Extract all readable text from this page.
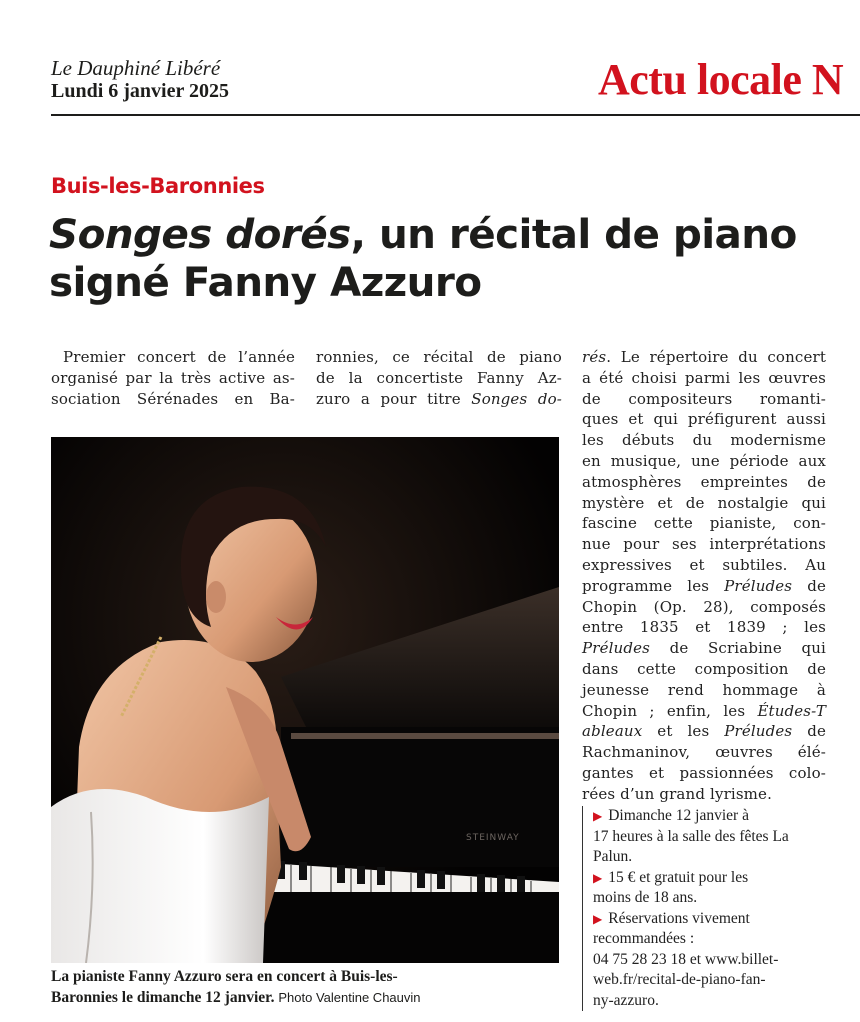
Le Dauphiné Libéré
Lundi 6 janvier 2025	Actu locale N
Buis-les-Baronnies
Songes dorés, un récital de piano signé Fanny Azzuro
Premier concert de l’année
organisé par la très active as-
sociation Sérénades en Ba-
ronnies, ce récital de piano
de la concertiste Fanny Az-
zuro a pour titre Songes do-
rés. Le répertoire du concert
a été choisi parmi les œuvres
de compositeurs romanti-
ques et qui préfigurent aussi
les débuts du modernisme
en musique, une période aux
atmosphères empreintes de
mystère et de nostalgie qui
fascine cette pianiste, con-
nue pour ses interprétations
expressives et subtiles. Au
programme les Préludes de
Chopin (Op. 28), composés
entre 1835 et 1839 ; les
Préludes de Scriabine qui
dans cette composition de
jeunesse rend hommage à
Chopin ; enfin, les Études-T
ableaux et les Préludes de
Rachmaninov, œuvres élé-
gantes et passionnées colo-
rées d’un grand lyrisme.
▶ Dimanche 12 janvier à
17 heures à la salle des fêtes La
Palun.
▶ 15 € et gratuit pour les
moins de 18 ans.
▶ Réservations vivement
recommandées :
04 75 28 23 18 et www.billet-
web.fr/recital-de-piano-fan-
ny-azzuro.
STEINWAY
La pianiste Fanny Azzuro sera en concert à Buis-les-
Baronnies le dimanche 12 janvier. Photo Valentine Chauvin
